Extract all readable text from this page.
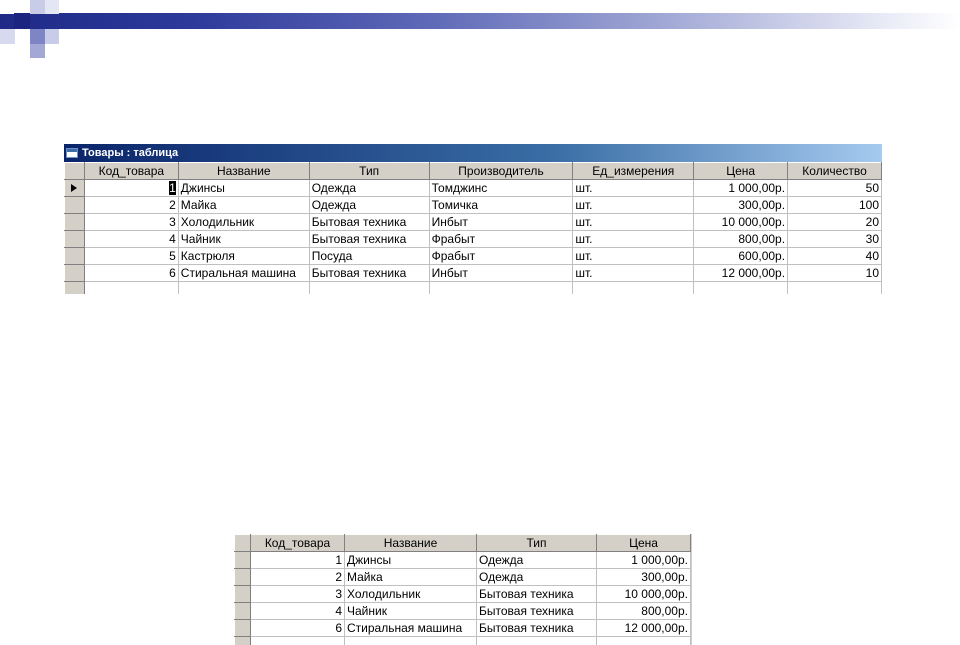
Товары : таблица
	Код_товара	Название	Тип	Производитель	Ед_измерения	Цена	Количество

	1	Джинсы	Одежда	Томджинс	шт.	1 000,00р.	50
	2	Майка	Одежда	Томичка	шт.	300,00р.	100
	3	Холодильник	Бытовая техника	Инбыт	шт.	10 000,00р.	20
	4	Чайник	Бытовая техника	Фрабыт	шт.	800,00р.	30
	5	Кастрюля	Посуда	Фрабыт	шт.	600,00р.	40
	6	Стиральная машина	Бытовая техника	Инбыт	шт.	12 000,00р.	10

	Код_товара	Название	Тип	Цена
	1	Джинсы	Одежда	1 000,00р.
	2	Майка	Одежда	300,00р.
	3	Холодильник	Бытовая техника	10 000,00р.
	4	Чайник	Бытовая техника	800,00р.
	6	Стиральная машина	Бытовая техника	12 000,00р.
